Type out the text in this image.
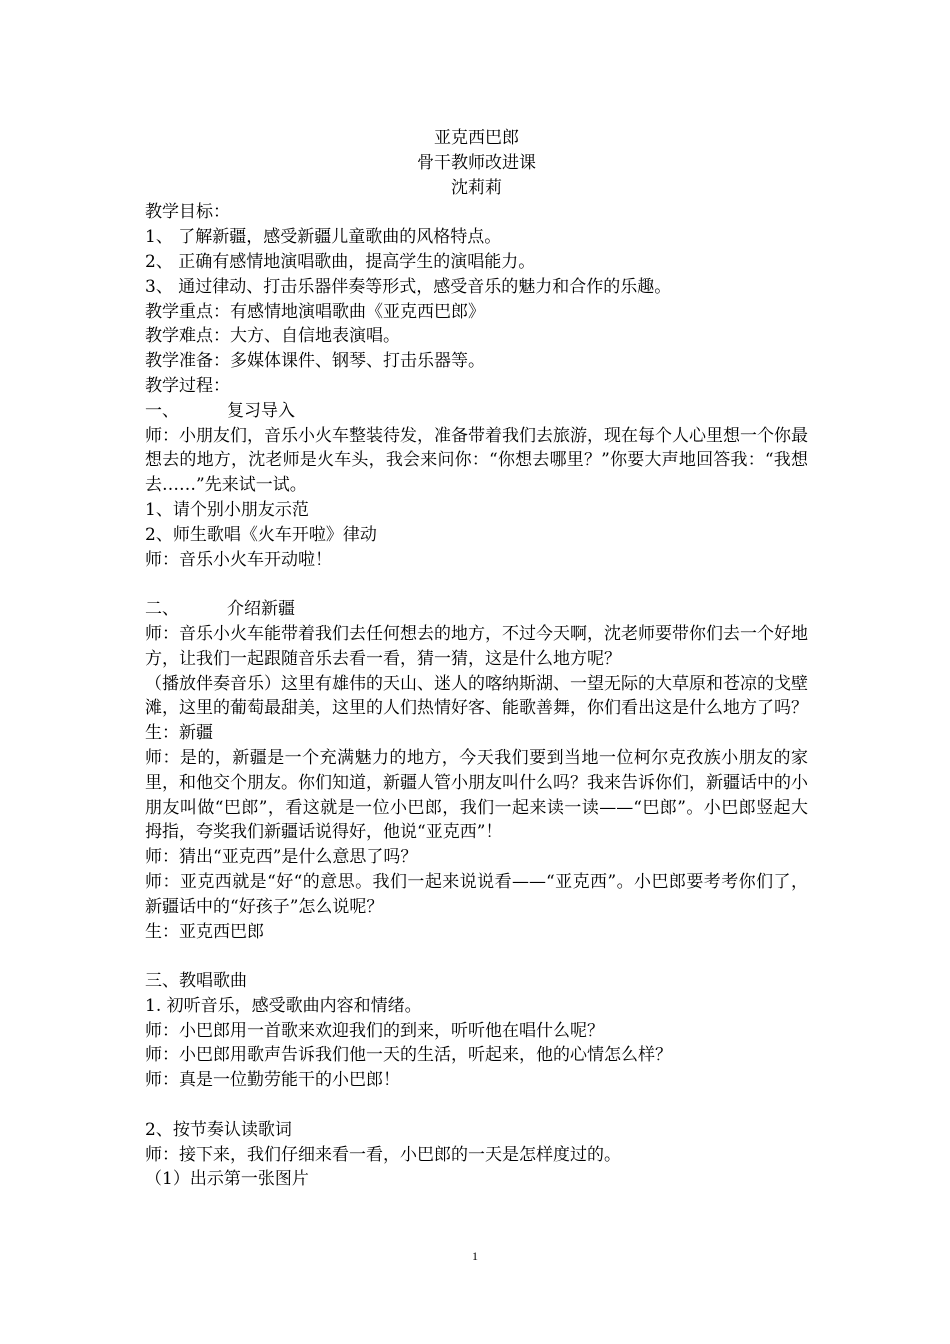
亚克西巴郎
骨干教师改进课
沈莉莉
教学目标：
1、 了解新疆，感受新疆儿童歌曲的风格特点。
2、 正确有感情地演唱歌曲，提高学生的演唱能力。
3、 通过律动、打击乐器伴奏等形式，感受音乐的魅力和合作的乐趣。
教学重点：有感情地演唱歌曲《亚克西巴郎》
教学难点：大方、自信地表演唱。
教学准备：多媒体课件、钢琴、打击乐器等。
教学过程：
一、	复习导入
师：小朋友们，音乐小火车整装待发，准备带着我们去旅游，现在每个人心里想一个你最想去的地方，沈老师是火车头，我会来问你：“你想去哪里？”你要大声地回答我：“我想去……”先来试一试。
1、请个别小朋友示范
2、师生歌唱《火车开啦》律动
师：音乐小火车开动啦！
二、	介绍新疆
师：音乐小火车能带着我们去任何想去的地方，不过今天啊，沈老师要带你们去一个好地方，让我们一起跟随音乐去看一看，猜一猜，这是什么地方呢？
（播放伴奏音乐）这里有雄伟的天山、迷人的喀纳斯湖、一望无际的大草原和苍凉的戈壁滩，这里的葡萄最甜美，这里的人们热情好客、能歌善舞，你们看出这是什么地方了吗？
生：新疆
师：是的，新疆是一个充满魅力的地方，今天我们要到当地一位柯尔克孜族小朋友的家里，和他交个朋友。你们知道，新疆人管小朋友叫什么吗？我来告诉你们，新疆话中的小朋友叫做“巴郎”，看这就是一位小巴郎，我们一起来读一读——“巴郎”。小巴郎竖起大拇指，夸奖我们新疆话说得好，他说“亚克西”！
师：猜出“亚克西”是什么意思了吗？
师：亚克西就是“好“的意思。我们一起来说说看——“亚克西”。小巴郎要考考你们了，新疆话中的“好孩子”怎么说呢？
生：亚克西巴郎
三、教唱歌曲
1. 初听音乐，感受歌曲内容和情绪。
师：小巴郎用一首歌来欢迎我们的到来，听听他在唱什么呢？
师：小巴郎用歌声告诉我们他一天的生活，听起来，他的心情怎么样？
师：真是一位勤劳能干的小巴郎！
2、按节奏认读歌词
师：接下来，我们仔细来看一看，小巴郎的一天是怎样度过的。
（1）出示第一张图片
1
